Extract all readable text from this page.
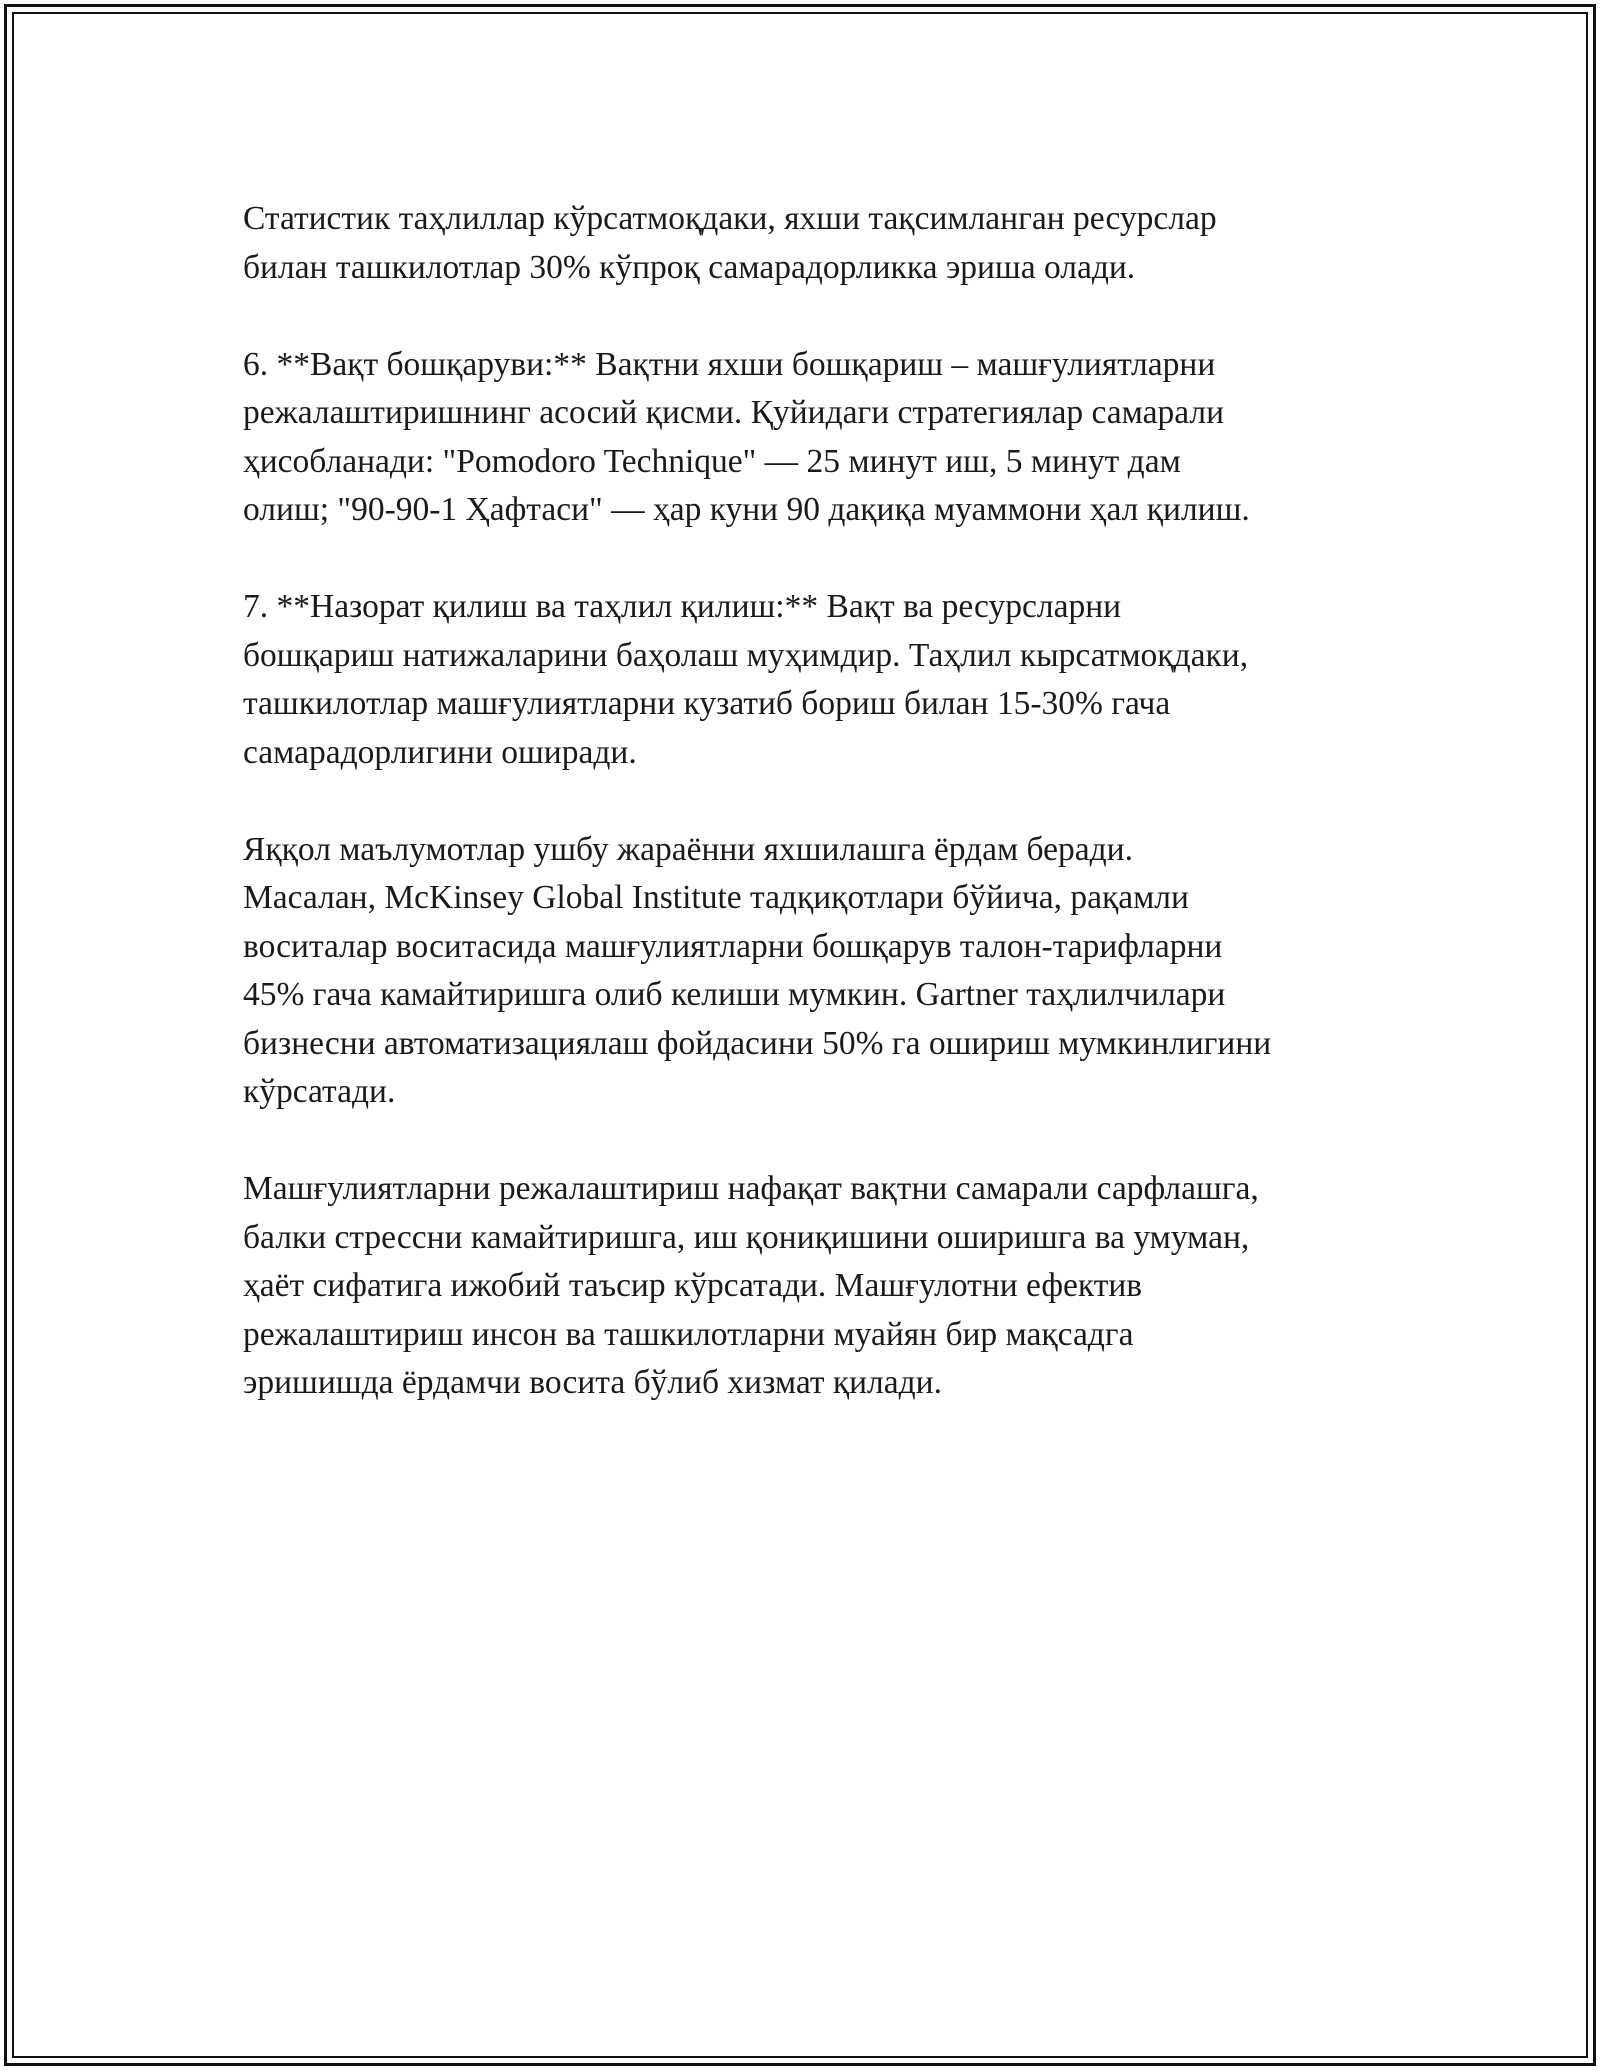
Статистик таҳлиллар кўрсатмоқдаки, яхши тақсимланган ресурслар
билан ташкилотлар 30% кўпроқ самарадорликка эриша олади.

6. **Вақт бошқаруви:** Вақтни яхши бошқариш – машғулиятларни
режалаштиришнинг асосий қисми. Қуйидаги стратегиялар самарали
ҳисобланади: "Pomodoro Technique" — 25 минут иш, 5 минут дам
олиш; "90-90-1 Ҳафтаси" — ҳар куни 90 дақиқа муаммони ҳал қилиш.

7. **Назорат қилиш ва таҳлил қилиш:** Вақт ва ресурсларни
бошқариш натижаларини баҳолаш муҳимдир. Таҳлил кырсатмоқдаки,
ташкилотлар машғулиятларни кузатиб бориш билан 15-30% гача
самарадорлигини оширади.

Яққол маълумотлар ушбу жараённи яхшилашга ёрдам беради.
Масалан, McKinsey Global Institute тадқиқотлари бўйича, рақамли
воситалар воситасида машғулиятларни бошқарув талон-тарифларни
45% гача камайтиришга олиб келиши мумкин. Gartner таҳлилчилари
бизнесни автоматизациялаш фойдасини 50% га ошириш мумкинлигини
кўрсатади.

Машғулиятларни режалаштириш нафақат вақтни самарали сарфлашга,
балки стрессни камайтиришга, иш қониқишини оширишга ва умуман,
ҳаёт сифатига ижобий таъсир кўрсатади. Машғулотни ефектив
режалаштириш инсон ва ташкилотларни муайян бир мақсадга
эришишда ёрдамчи восита бўлиб хизмат қилади.
